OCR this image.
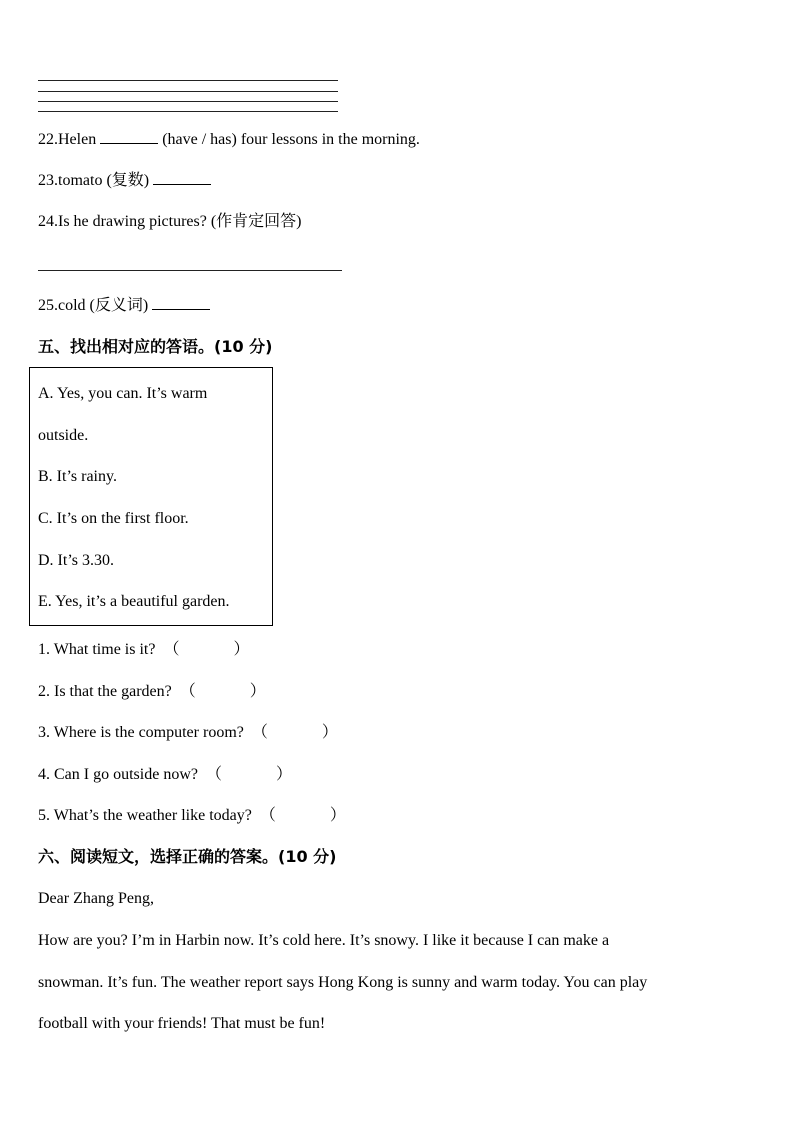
22.Helen	(have / has) four lessons in the morning.
23.tomato (复数)
24.Is he drawing pictures? (作肯定回答)
25.cold (反义词)
五、找出相对应的答语。(10 分)
A. Yes, you can. It’s warm
outside.
B. It’s rainy.
C. It’s on the first floor.
D. It’s 3.30.
E. Yes, it’s a beautiful garden.
1. What time is it? （	）
2. Is that the garden? （	）
3. Where is the computer room? （	）
4. Can I go outside now? （	）
5. What’s the weather like today? （	）
六、阅读短文，选择正确的答案。(10 分)
Dear Zhang Peng,
How are you? I’m in Harbin now. It’s cold here. It’s snowy. I like it because I can make a
snowman. It’s fun. The weather report says Hong Kong is sunny and warm today. You can play
football with your friends! That must be fun!
